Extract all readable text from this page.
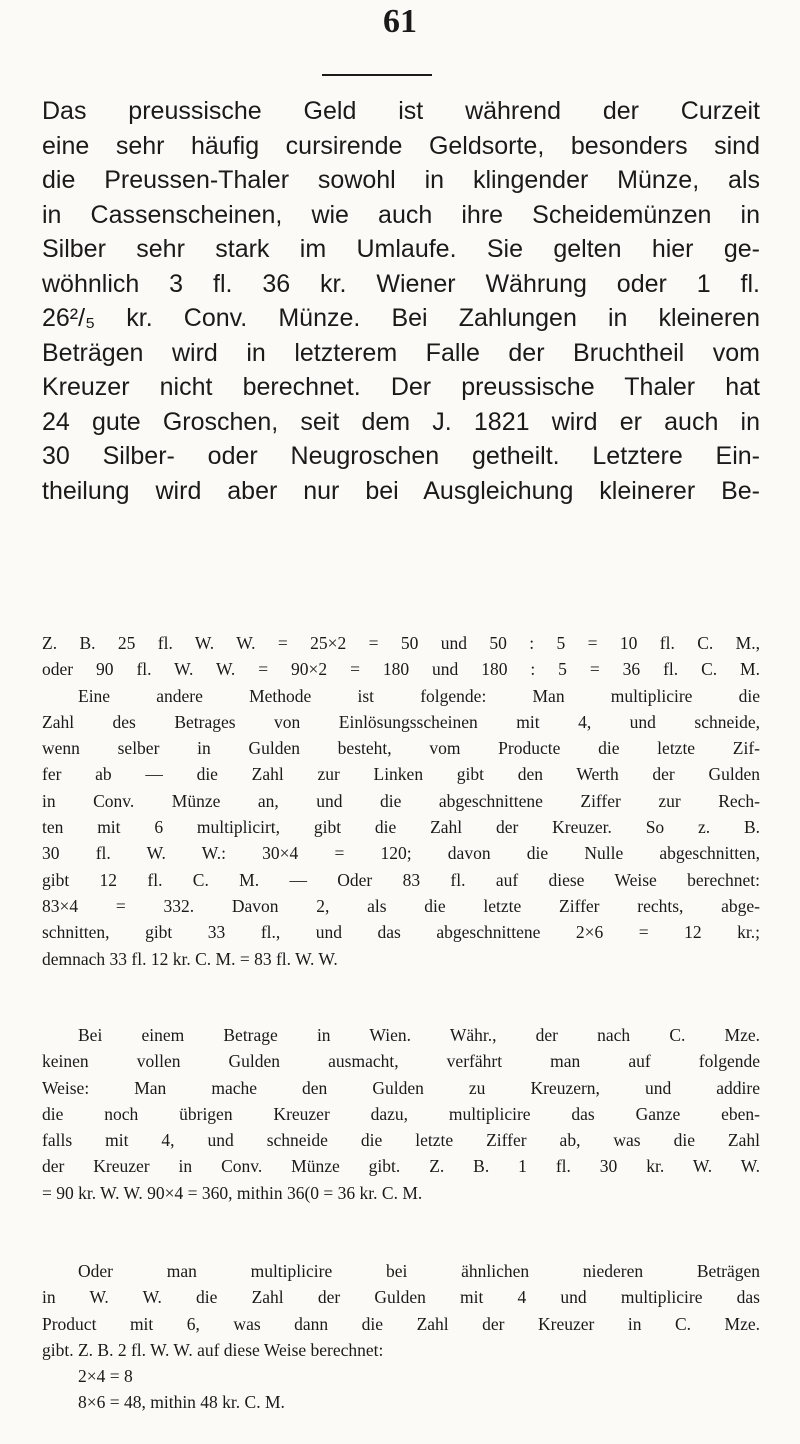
61
Das preussische Geld ist während der Curzeit
eine sehr häufig cursirende Geldsorte, besonders sind
die Preussen-Thaler sowohl in klingender Münze, als
in Cassenscheinen, wie auch ihre Scheidemünzen in
Silber sehr stark im Umlaufe. Sie gelten hier ge-
wöhnlich 3 fl. 36 kr. Wiener Währung oder 1 fl.
26²/₅ kr. Conv. Münze. Bei Zahlungen in kleineren
Beträgen wird in letzterem Falle der Bruchtheil vom
Kreuzer nicht berechnet. Der preussische Thaler hat
24 gute Groschen, seit dem J. 1821 wird er auch in
30 Silber- oder Neugroschen getheilt. Letztere Ein-
theilung wird aber nur bei Ausgleichung kleinerer Be-
Z. B. 25 fl. W. W. = 25×2 = 50 und 50 : 5 = 10 fl. C. M.,
oder 90 fl. W. W. = 90×2 = 180 und 180 : 5 = 36 fl. C. M.
Eine andere Methode ist folgende: Man multiplicire die
Zahl des Betrages von Einlösungsscheinen mit 4, und schneide,
wenn selber in Gulden besteht, vom Producte die letzte Zif-
fer ab — die Zahl zur Linken gibt den Werth der Gulden
in Conv. Münze an, und die abgeschnittene Ziffer zur Rech-
ten mit 6 multiplicirt, gibt die Zahl der Kreuzer. So z. B.
30 fl. W. W.: 30×4 = 120; davon die Nulle abgeschnitten,
gibt 12 fl. C. M. — Oder 83 fl. auf diese Weise berechnet:
83×4 = 332. Davon 2, als die letzte Ziffer rechts, abge-
schnitten, gibt 33 fl., und das abgeschnittene 2×6 = 12 kr.;
demnach 33 fl. 12 kr. C. M. = 83 fl. W. W.
Bei einem Betrage in Wien. Währ., der nach C. Mze.
keinen vollen Gulden ausmacht, verfährt man auf folgende
Weise: Man mache den Gulden zu Kreuzern, und addire
die noch übrigen Kreuzer dazu, multiplicire das Ganze eben-
falls mit 4, und schneide die letzte Ziffer ab, was die Zahl
der Kreuzer in Conv. Münze gibt. Z. B. 1 fl. 30 kr. W. W.
= 90 kr. W. W. 90×4 = 360, mithin 36(0 = 36 kr. C. M.
Oder man multiplicire bei ähnlichen niederen Beträgen
in W. W. die Zahl der Gulden mit 4 und multiplicire das
Product mit 6, was dann die Zahl der Kreuzer in C. Mze.
gibt. Z. B. 2 fl. W. W. auf diese Weise berechnet:
2×4 = 8
8×6 = 48, mithin 48 kr. C. M.
